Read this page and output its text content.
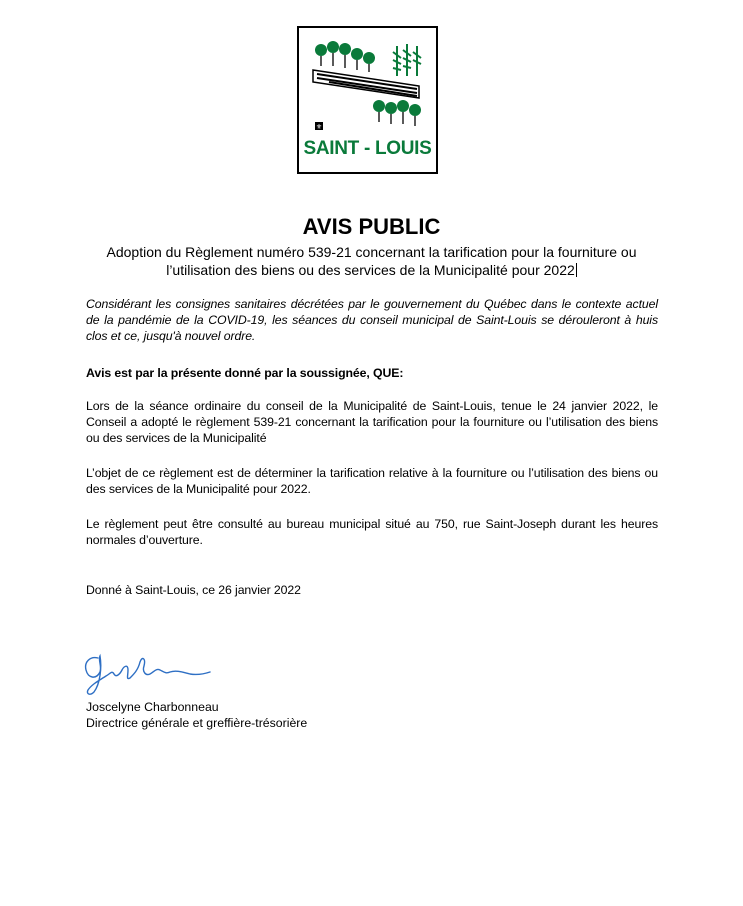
⚜
SAINT - LOUIS
AVIS PUBLIC
Adoption du Règlement numéro 539-21 concernant la tarification pour la fourniture ou
l’utilisation des biens ou des services de la Municipalité pour 2022
Considérant les consignes sanitaires décrétées par le gouvernement du Québec dans le contexte actuel de la pandémie de la COVID-19, les séances du conseil municipal de Saint-Louis se dérouleront à huis clos et ce, jusqu'à nouvel ordre.
Avis est par la présente donné par la soussignée, QUE:
Lors de la séance ordinaire du conseil de la Municipalité de Saint-Louis, tenue le 24 janvier 2022, le Conseil a adopté le règlement 539-21 concernant la tarification pour la fourniture ou l’utilisation des biens ou des services de la Municipalité
L’objet de ce règlement est de déterminer la tarification relative à la fourniture ou l’utilisation des biens ou des services de la Municipalité pour 2022.
Le règlement peut être consulté au bureau municipal situé au 750, rue Saint-Joseph durant les heures normales d’ouverture.
Donné à Saint-Louis, ce 26 janvier 2022
Joscelyne Charbonneau
Directrice générale et greffière-trésorière
